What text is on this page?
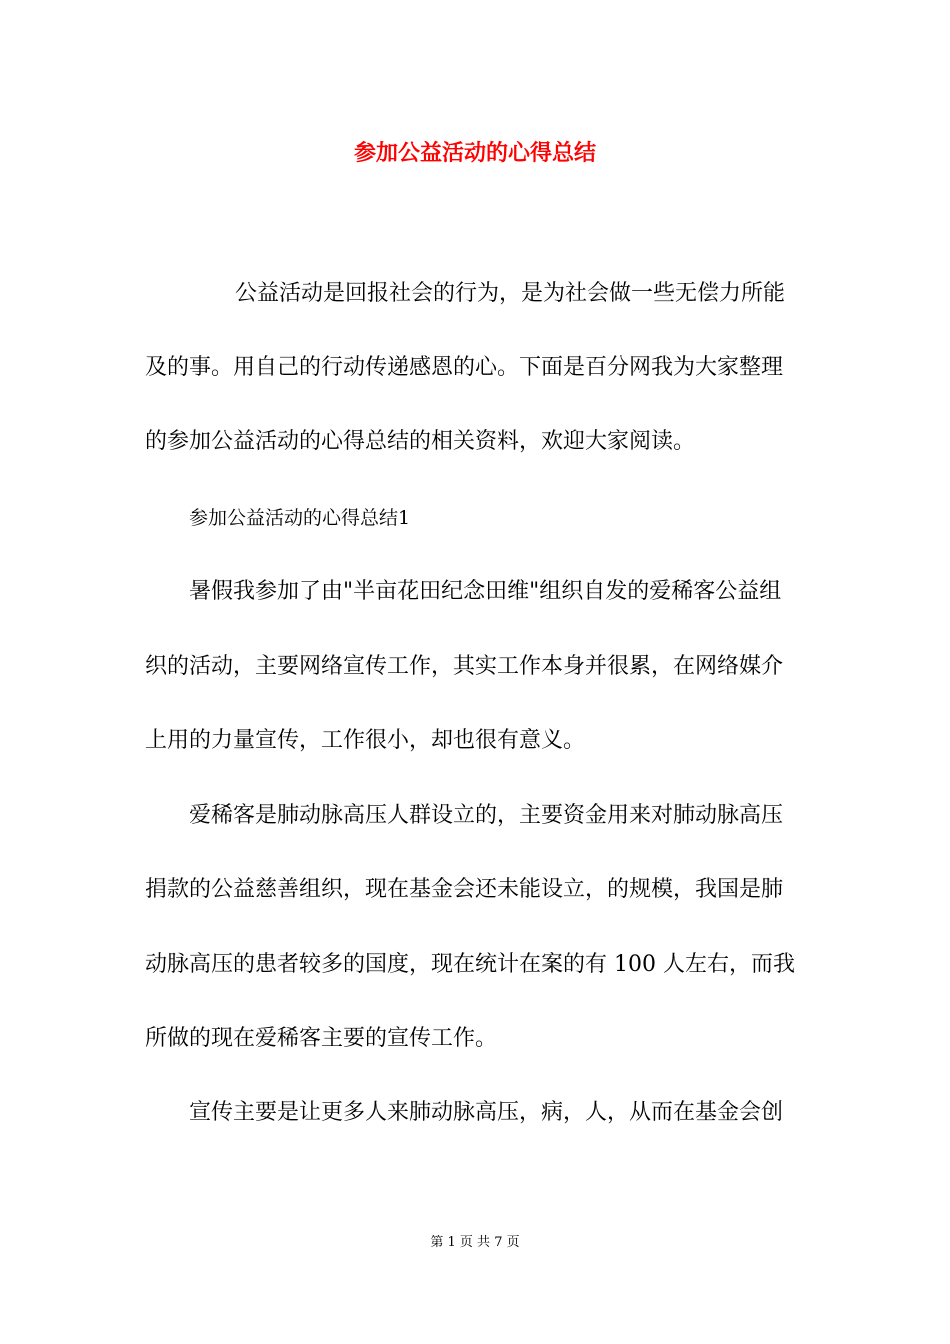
参加公益活动的心得总结
公益活动是回报社会的行为，是为社会做一些无偿力所能
及的事。用自己的行动传递感恩的心。下面是百分网我为大家整理
的参加公益活动的心得总结的相关资料，欢迎大家阅读。
参加公益活动的心得总结1
暑假我参加了由"半亩花田纪念田维"组织自发的爱稀客公益组
织的活动，主要网络宣传工作，其实工作本身并很累，在网络媒介
上用的力量宣传，工作很小，却也很有意义。
爱稀客是肺动脉高压人群设立的，主要资金用来对肺动脉高压
捐款的公益慈善组织，现在基金会还未能设立，的规模，我国是肺
动脉高压的患者较多的国度，现在统计在案的有 100 人左右，而我
所做的现在爱稀客主要的宣传工作。
宣传主要是让更多人来肺动脉高压，病，人，从而在基金会创
第 1 页 共 7 页
